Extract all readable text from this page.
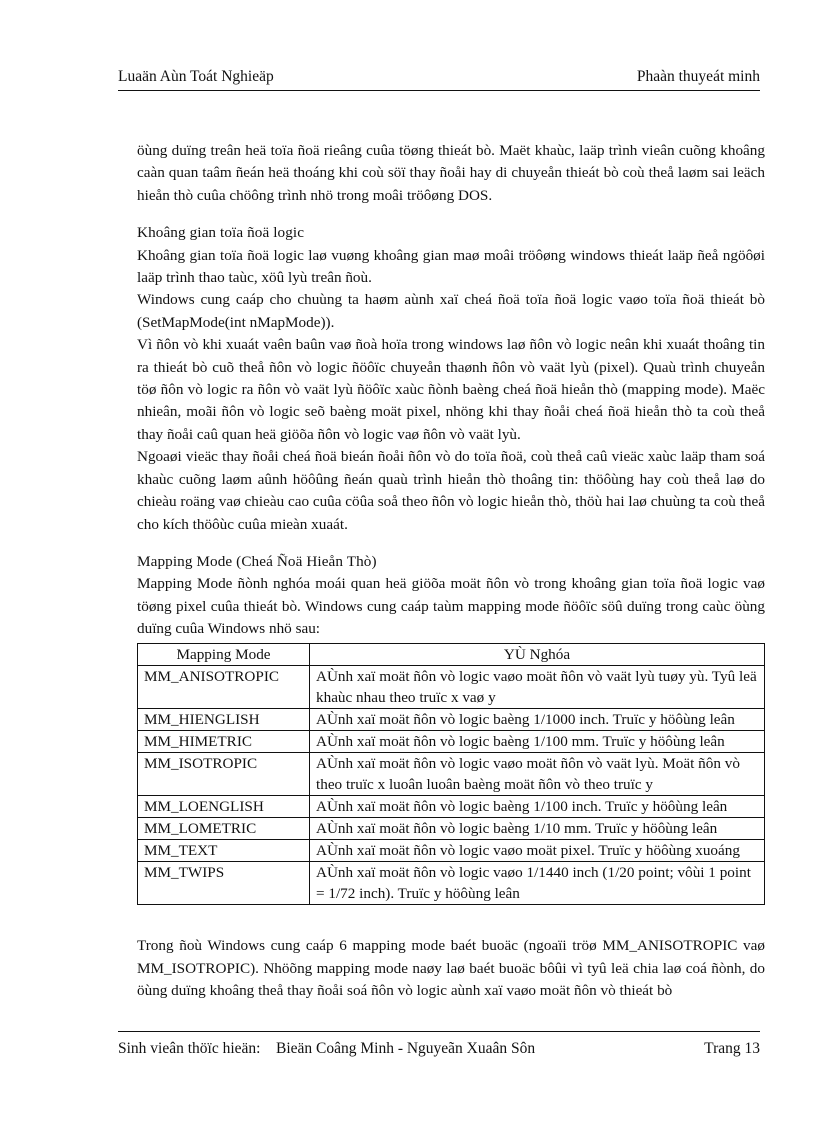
Luaän Aùn Toát Nghieäp	Phaàn thuyeát minh

öùng duïng treân heä toïa ñoä rieâng cuûa töøng thieát bò. Maët khaùc, laäp trình vieân cuõng khoâng caàn quan taâm ñeán heä thoáng khi coù söï thay ñoåi hay di chuyeån thieát bò coù theå laøm sai leäch hieån thò cuûa chöông trình nhö trong moâi tröôøng DOS.

Khoâng gian toïa ñoä logic

Khoâng gian toïa ñoä logic laø vuøng khoâng gian maø moâi tröôøng windows thieát laäp ñeå ngöôøi laäp trình thao taùc, xöû lyù treân ñoù.

Windows cung caáp cho chuùng ta haøm aùnh xaï cheá ñoä toïa ñoä logic vaøo toïa ñoä thieát bò (SetMapMode(int nMapMode)).

Vì ñôn vò khi xuaát vaên baûn vaø ñoà hoïa trong windows laø ñôn vò logic neân khi xuaát thoâng tin ra thieát bò cuõ theå ñôn vò logic ñöôïc chuyeån thaønh ñôn vò vaät lyù (pixel). Quaù trình chuyeån töø ñôn vò logic ra ñôn vò vaät lyù ñöôïc xaùc ñònh baèng cheá ñoä hieån thò (mapping mode). Maëc nhieân, moãi ñôn vò logic seõ baèng moät pixel, nhöng khi thay ñoåi cheá ñoä hieån thò ta coù theå thay ñoåi caû quan heä giöõa ñôn vò logic vaø ñôn vò vaät lyù.

Ngoaøi vieäc thay ñoåi cheá ñoä bieán ñoåi ñôn vò do toïa ñoä, coù theå caû vieäc xaùc laäp tham soá khaùc cuõng laøm aûnh höôûng ñeán quaù trình hieån thò thoâng tin: thöôùng hay coù theå laø do chieàu roäng vaø chieàu cao cuûa cöûa soå theo ñôn vò logic hieån thò, thöù hai laø chuùng ta coù theå cho kích thöôùc cuûa mieàn xuaát.

Mapping Mode (Cheá Ñoä Hieån Thò)

Mapping Mode ñònh nghóa moái quan heä giöõa moät ñôn vò trong khoâng gian toïa ñoä logic vaø töøng pixel cuûa thieát bò. Windows cung caáp taùm mapping mode ñöôïc söû duïng trong caùc öùng duïng cuûa Windows nhö sau:

Mapping Mode	YÙ Nghóa
MM_ANISOTROPIC	AÙnh xaï moät ñôn vò logic vaøo moät ñôn vò vaät lyù tuøy yù. Tyû leä khaùc nhau theo truïc x vaø y
MM_HIENGLISH	AÙnh xaï moät ñôn vò logic baèng 1/1000 inch. Truïc y höôùng leân
MM_HIMETRIC	AÙnh xaï moät ñôn vò logic baèng 1/100 mm. Truïc y höôùng leân
MM_ISOTROPIC	AÙnh xaï moät ñôn vò logic vaøo moät ñôn vò vaät lyù. Moät ñôn vò theo truïc x luoân luoân baèng moät ñôn vò theo truïc y
MM_LOENGLISH	AÙnh xaï moät ñôn vò logic baèng 1/100 inch. Truïc y höôùng leân
MM_LOMETRIC	AÙnh xaï moät ñôn vò logic baèng 1/10 mm. Truïc y höôùng leân
MM_TEXT	AÙnh xaï moät ñôn vò logic vaøo moät pixel. Truïc y höôùng xuoáng
MM_TWIPS	AÙnh xaï moät ñôn vò logic vaøo 1/1440 inch (1/20 point; vôùi 1 point = 1/72 inch). Truïc y höôùng leân

Trong ñoù Windows cung caáp 6 mapping mode baét buoäc (ngoaïi tröø MM_ANISOTROPIC vaø MM_ISOTROPIC). Nhöõng mapping mode naøy laø baét buoäc bôûi vì tyû leä chia laø coá ñònh, do öùng duïng khoâng theå thay ñoåi soá ñôn vò logic aùnh xaï vaøo moät ñôn vò thieát bò

Sinh vieân thöïc hieän: Bieän Coâng Minh - Nguyeãn Xuaân Sôn	Trang 13
